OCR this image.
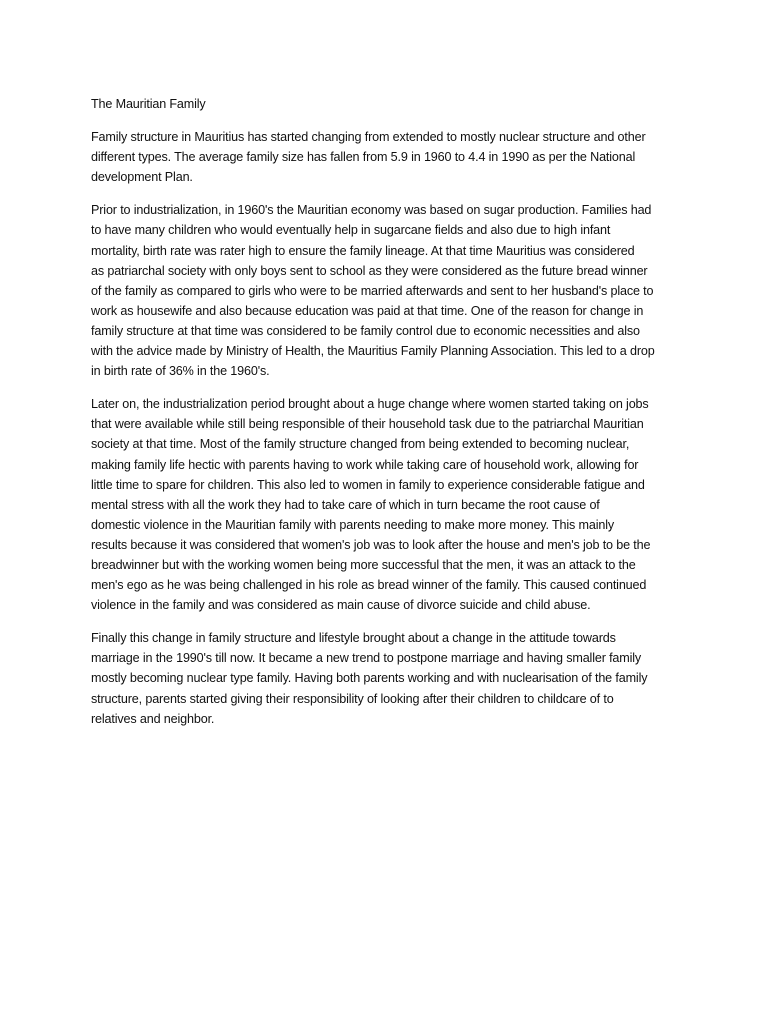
The Mauritian Family

Family structure in Mauritius has started changing from extended to mostly nuclear structure and other
different types. The average family size has fallen from 5.9 in 1960 to 4.4 in 1990 as per the National
development Plan.
Prior to industrialization, in 1960's the Mauritian economy was based on sugar production. Families had
to have many children who would eventually help in sugarcane fields and also due to high infant
mortality, birth rate was rater high to ensure the family lineage. At that time Mauritius was considered
as patriarchal society with only boys sent to school as they were considered as the future bread winner
of the family as compared to girls who were to be married afterwards and sent to her husband's place to
work as housewife and also because education was paid at that time. One of the reason for change in
family structure at that time was considered to be family control due to economic necessities and also
with the advice made by Ministry of Health, the Mauritius Family Planning Association. This led to a drop
in birth rate of 36% in the 1960's.
Later on, the industrialization period brought about a huge change where women started taking on jobs
that were available while still being responsible of their household task due to the patriarchal Mauritian
society at that time. Most of the family structure changed from being extended to becoming nuclear,
making family life hectic with parents having to work while taking care of household work, allowing for
little time to spare for children. This also led to women in family to experience considerable fatigue and
mental stress with all the work they had to take care of which in turn became the root cause of
domestic violence in the Mauritian family with parents needing to make more money. This mainly
results because it was considered that women's job was to look after the house and men's job to be the
breadwinner but with the working women being more successful that the men, it was an attack to the
men's ego as he was being challenged in his role as bread winner of the family. This caused continued
violence in the family and was considered as main cause of divorce suicide and child abuse.
Finally this change in family structure and lifestyle brought about a change in the attitude towards
marriage in the 1990's till now. It became a new trend to postpone marriage and having smaller family
mostly becoming nuclear type family. Having both parents working and with nuclearisation of the family
structure, parents started giving their responsibility of looking after their children to childcare of to
relatives and neighbor.
